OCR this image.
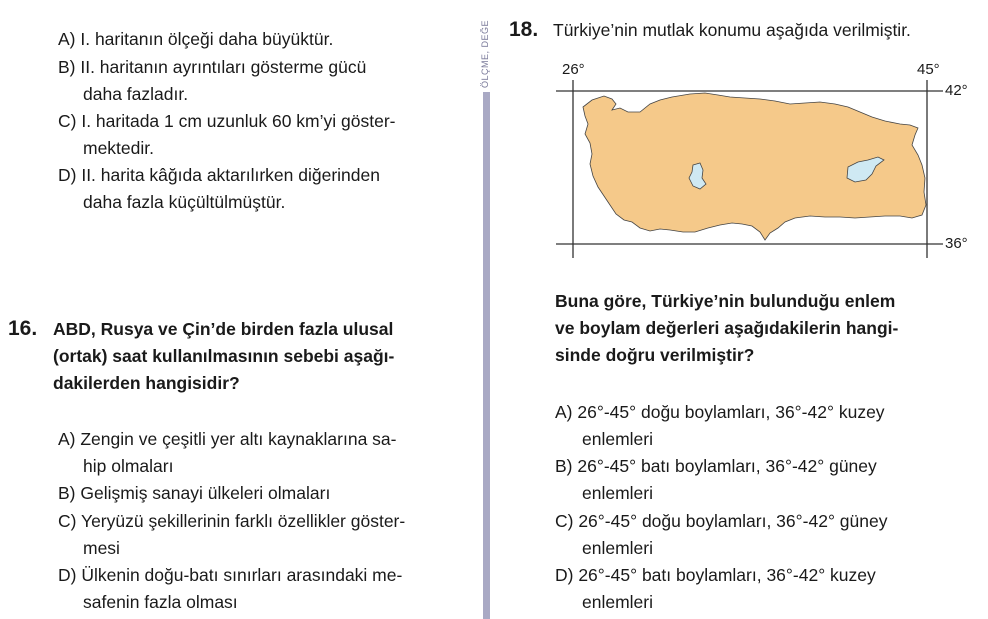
ÖLÇME, DEĞE
A) I. haritanın ölçeği daha büyüktür.
B) II. haritanın ayrıntıları gösterme gücü
daha fazladır.
C) I. haritada 1 cm uzunluk 60 km’yi göster-
mektedir.
D) II. harita kâğıda aktarılırken diğerinden
daha fazla küçültülmüştür.
16. ABD, Rusya ve Çin’de birden fazla ulusal
(ortak) saat kullanılmasının sebebi aşağı-
dakilerden hangisidir?
A) Zengin ve çeşitli yer altı kaynaklarına sa-
hip olmaları
B) Gelişmiş sanayi ülkeleri olmaları
C) Yeryüzü şekillerinin farklı özellikler göster-
mesi
D) Ülkenin doğu-batı sınırları arasındaki me-
safenin fazla olması
18. Türkiye’nin mutlak konumu aşağıda verilmiştir.
26°	45°
42°
36°
Buna göre, Türkiye’nin bulunduğu enlem
ve boylam değerleri aşağıdakilerin hangi-
sinde doğru verilmiştir?
A) 26°-45° doğu boylamları, 36°-42° kuzey
enlemleri
B) 26°-45° batı boylamları, 36°-42° güney
enlemleri
C) 26°-45° doğu boylamları, 36°-42° güney
enlemleri
D) 26°-45° batı boylamları, 36°-42° kuzey
enlemleri
